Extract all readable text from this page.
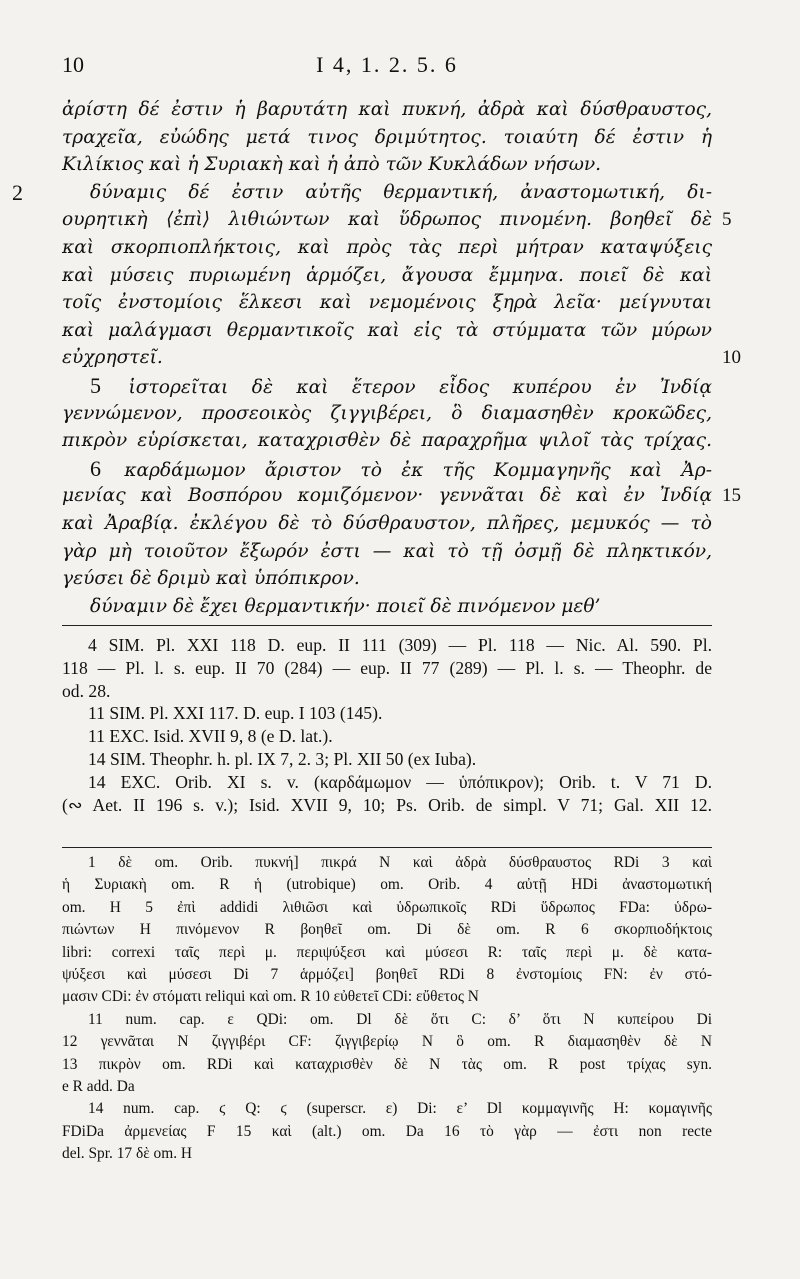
10	I 4, 1. 2. 5. 6
ἀρίστη δέ ἐστιν ἡ βαρυτάτη καὶ πυκνή, ἀδρὰ καὶ δύσθραυστος,
τραχεῖα, εὐώδης μετά τινος δριμύτητος. τοιαύτη δέ ἐστιν ἡ
Κιλίκιος καὶ ἡ Συριακὴ καὶ ἡ ἀπὸ τῶν Κυκλάδων νήσων.
2	δύναμις δέ ἐστιν αὐτῆς θερμαντική, ἀναστομωτική, δι-
ουρητικὴ ⟨ἐπὶ⟩ λιθιώντων καὶ ὕδρωπος πινομένη. βοηθεῖ δὲ 5
καὶ σκορπιοπλήκτοις, καὶ πρὸς τὰς περὶ μήτραν καταψύξεις
καὶ μύσεις πυριωμένη ἁρμόζει, ἄγουσα ἔμμηνα. ποιεῖ δὲ καὶ
τοῖς ἐνστομίοις ἕλκεσι καὶ νεμομένοις ξηρὰ λεῖα· μείγνυται
καὶ μαλάγμασι θερμαντικοῖς καὶ εἰς τὰ στύμματα τῶν μύρων
εὐχρηστεῖ.	10
5 ἱστορεῖται δὲ καὶ ἕτερον εἶδος κυπέρου ἐν Ἰνδίᾳ
γεννώμενον, προσεοικὸς ζιγγιβέρει, ὃ διαμασηθὲν κροκῶδες,
πικρὸν εὑρίσκεται, καταχρισθὲν δὲ παραχρῆμα ψιλοῖ τὰς τρίχας.
6 καρδάμωμον ἄριστον τὸ ἐκ τῆς Κομμαγηνῆς καὶ Ἀρ-
μενίας καὶ Βοσπόρου κομιζόμενον· γεννᾶται δὲ καὶ ἐν Ἰνδίᾳ 15
καὶ Ἀραβίᾳ. ἐκλέγου δὲ τὸ δύσθραυστον, πλῆρες, μεμυκός — τὸ
γὰρ μὴ τοιοῦτον ἔξωρόν ἐστι — καὶ τὸ τῇ ὀσμῇ δὲ πληκτικόν,
γεύσει δὲ δριμὺ καὶ ὑπόπικρον.
δύναμιν δὲ ἔχει θερμαντικήν· ποιεῖ δὲ πινόμενον μεθ’
4 SIM. Pl. XXI 118 D. eup. II 111 (309) — Pl. 118 — Nic. Al. 590. Pl.
118 — Pl. l. s. eup. II 70 (284) — eup. II 77 (289) — Pl. l. s. — Theophr. de
od. 28.
11 SIM. Pl. XXI 117. D. eup. I 103 (145).
11 EXC. Isid. XVII 9, 8 (e D. lat.).
14 SIM. Theophr. h. pl. IX 7, 2. 3; Pl. XII 50 (ex Iuba).
14 EXC. Orib. XI s. v. (καρδάμωμον — ὑπόπικρον); Orib. t. V 71 D.
(∾ Aet. II 196 s. v.); Isid. XVII 9, 10; Ps. Orib. de simpl. V 71; Gal. XII 12.
1 δὲ om. Orib. πυκνή] πικρά N καὶ ἀδρὰ δύσθραυστος RDi 3 καὶ
ἡ Συριακὴ om. R ἡ (utrobique) om. Orib. 4 αὐτῇ HDi ἀναστομωτική
om. H 5 ἐπὶ addidi λιθιῶσι καὶ ὑδρωπικοῖς RDi ὕδρωπος FDa: ὑδρω-
πιώντων H πινόμενον R βοηθεῖ om. Di δὲ om. R 6 σκορπιοδήκτοις
libri: correxi ταῖς περὶ μ. περιψύξεσι καὶ μύσεσι R: ταῖς περὶ μ. δὲ κατα-
ψύξεσι καὶ μύσεσι Di 7 ἁρμόζει] βοηθεῖ RDi 8 ἐνστομίοις FN: ἐν στό-
μασιν CDi: ἐν στόματι reliqui καὶ om. R 10 εὐθετεῖ CDi: εὔθετος N
11 num. cap. ε QDi: om. Dl δὲ ὅτι C: δ’ ὅτι N κυπείρου Di
12 γεννᾶται N ζιγγιβέρι CF: ζιγγιβερίῳ N ὃ om. R διαμασηθὲν δὲ N
13 πικρὸν om. RDi καὶ καταχρισθὲν δὲ N τὰς om. R post τρίχας syn.
e R add. Da
14 num. cap. ϛ Q: ϛ (superscr. ε) Di: ε’ Dl κομμαγινῆς H: κομαγινῆς
FDiDa ἀρμενείας F 15 καὶ (alt.) om. Da 16 τὸ γὰρ — ἐστι non recte
del. Spr. 17 δὲ om. H
